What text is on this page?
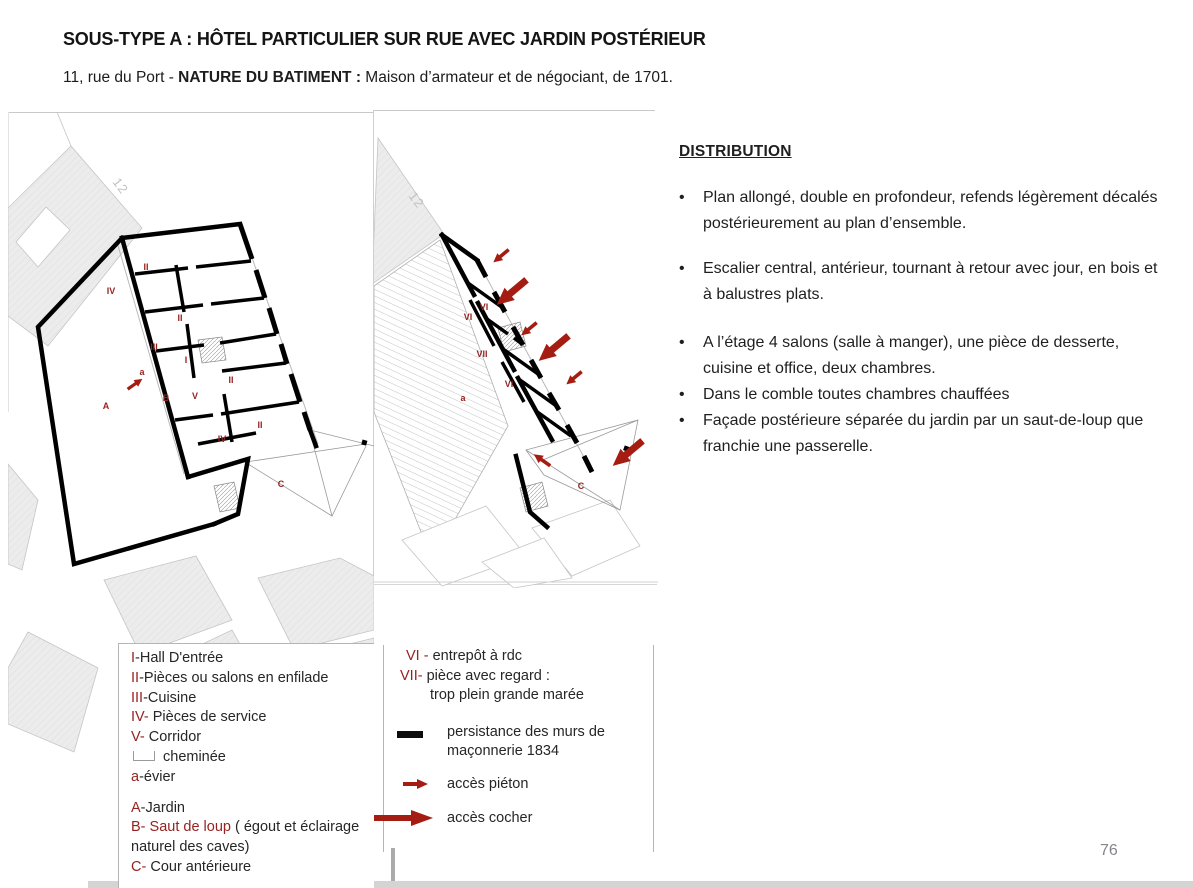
SOUS-TYPE A : HÔTEL PARTICULIER SUR RUE AVEC JARDIN POSTÉRIEUR
11, rue du Port - NATURE DU BATIMENT : Maison d’armateur et de négociant, de 1701.
12
II
IV
II
III
I
II
a
B	V
IV
II
A
C
12
VI
VI
VII
VI
a
C
DISTRIBUTION
•	Plan allongé, double en profondeur, refends légèrement décalés postérieurement au plan d’ensemble.
•	Escalier central, antérieur, tournant à retour avec jour, en bois et à balustres plats.
•	A l’étage 4 salons (salle à manger), une pièce de desserte, cuisine et office, deux chambres.
•	Dans le comble toutes chambres chauffées
•	Façade postérieure séparée du jardin par un saut-de-loup que franchie une passerelle.
I-Hall D'entrée
II-Pièces ou salons en enfilade
III-Cuisine
IV- Pièces de service
V- Corridor
cheminée
a-évier
A-Jardin
B- Saut de loup ( égout et éclairage
naturel des caves)
C- Cour antérieure
VI - entrepôt à rdc
VII- pièce avec regard :
trop plein grande marée
persistance des murs de
maçonnerie 1834
accès piéton
accès cocher
76
